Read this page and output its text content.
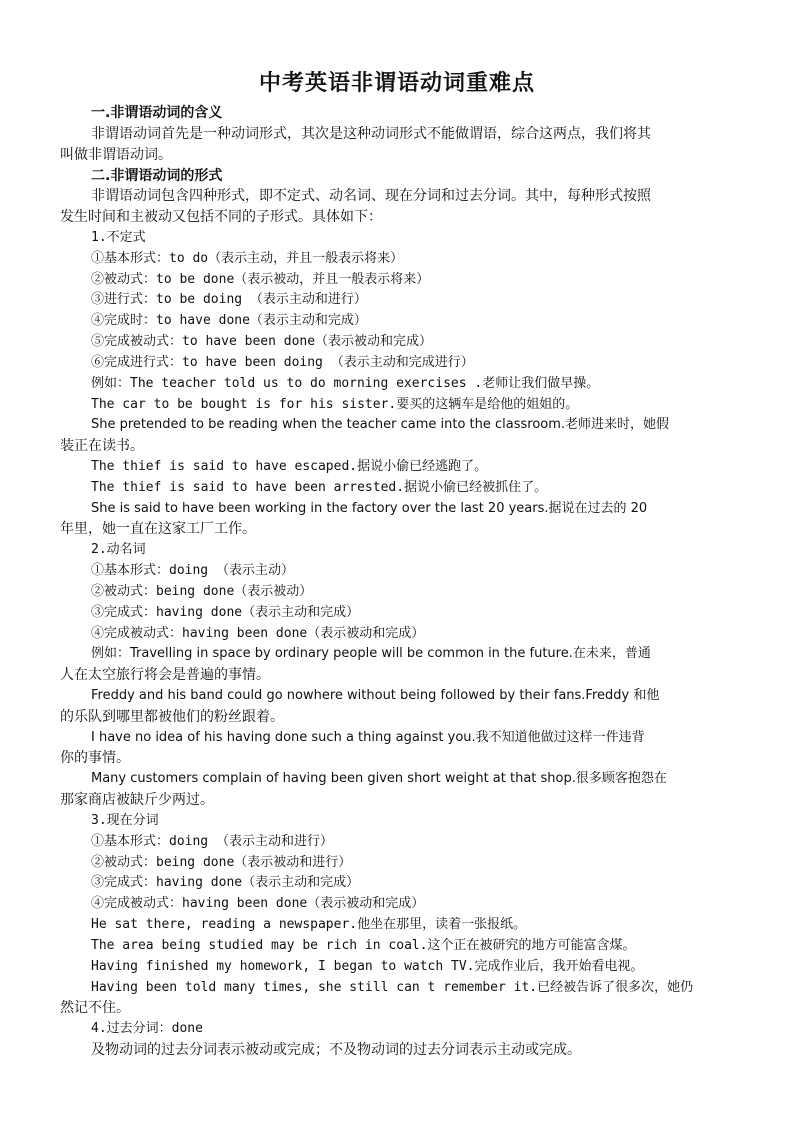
中考英语非谓语动词重难点
一.非谓语动词的含义
非谓语动词首先是一种动词形式，其次是这种动词形式不能做谓语，综合这两点，我们将其
叫做非谓语动词。
二.非谓语动词的形式
非谓语动词包含四种形式，即不定式、动名词、现在分词和过去分词。其中，每种形式按照
发生时间和主被动又包括不同的子形式。具体如下：
1.不定式
①基本形式：to do（表示主动，并且一般表示将来）
②被动式：to be done（表示被动，并且一般表示将来）
③进行式：to be doing （表示主动和进行）
④完成时：to have done（表示主动和完成）
⑤完成被动式：to have been done（表示被动和完成）
⑥完成进行式：to have been doing （表示主动和完成进行）
例如：The teacher told us to do morning exercises .老师让我们做早操。
The car to be bought is for his sister.要买的这辆车是给他的姐姐的。
She pretended to be reading when the teacher came into the classroom.老师进来时，她假
装正在读书。
The thief is said to have escaped.据说小偷已经逃跑了。
The thief is said to have been arrested.据说小偷已经被抓住了。
She is said to have been working in the factory over the last 20 years.据说在过去的 20
年里，她一直在这家工厂工作。
2.动名词
①基本形式：doing （表示主动）
②被动式：being done（表示被动）
③完成式：having done（表示主动和完成）
④完成被动式：having been done（表示被动和完成）
例如：Travelling in space by ordinary people will be common in the future.在未来，普通
人在太空旅行将会是普遍的事情。
Freddy and his band could go nowhere without being followed by their fans.Freddy 和他
的乐队到哪里都被他们的粉丝跟着。
I have no idea of his having done such a thing against you.我不知道他做过这样一件违背
你的事情。
Many customers complain of having been given short weight at that shop.很多顾客抱怨在
那家商店被缺斤少两过。
3.现在分词
①基本形式：doing （表示主动和进行）
②被动式：being done（表示被动和进行）
③完成式：having done（表示主动和完成）
④完成被动式：having been done（表示被动和完成）
He sat there, reading a newspaper.他坐在那里，读着一张报纸。
The area being studied may be rich in coal.这个正在被研究的地方可能富含煤。
Having finished my homework, I began to watch TV.完成作业后，我开始看电视。
Having been told many times, she still can t remember it.已经被告诉了很多次，她仍
然记不住。
4.过去分词：done
及物动词的过去分词表示被动或完成；不及物动词的过去分词表示主动或完成。
